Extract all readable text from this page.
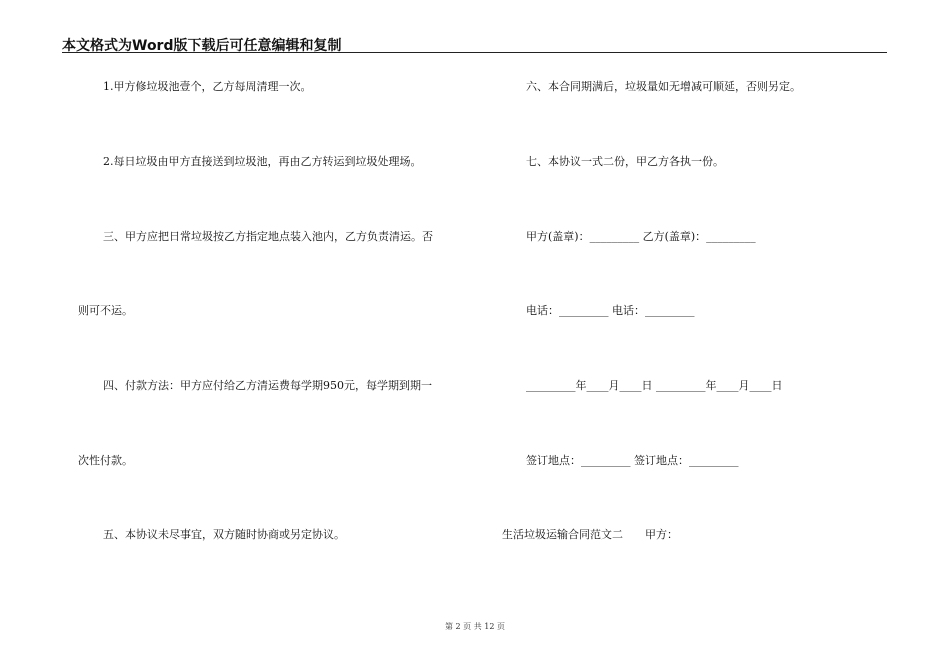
本文格式为Word版下载后可任意编辑和复制
1.甲方修垃圾池壹个，乙方每周清理一次。
2.每日垃圾由甲方直接送到垃圾池，再由乙方转运到垃圾处理场。
三、甲方应把日常垃圾按乙方指定地点装入池内，乙方负责清运。否
则可不运。
四、付款方法：甲方应付给乙方清运费每学期950元，每学期到期一
次性付款。
五、本协议未尽事宜，双方随时协商或另定协议。
六、本合同期满后，垃圾量如无增减可顺延，否则另定。
七、本协议一式二份，甲乙方各执一份。
甲方(盖章)：_________ 乙方(盖章)：_________
电话：_________ 电话：_________
_________年____月____日 _________年____月____日
签订地点：_________ 签订地点：_________
生活垃圾运输合同范文二　　甲方：
第 2 页 共 12 页
